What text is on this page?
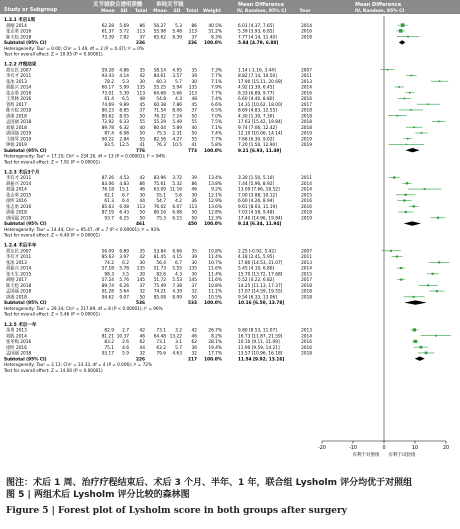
Study or Subgroup
关节镜联合透明质酸 单纯关节镜	Mean Difference	Mean Difference
Mean SD Total Mean SD Total Weight	IV, Random, 95% CI	Year	IV, Random, 95% CI
1.2.1 术后1周
胡刚 2014	62.28 5.69 86 56.27 5.3 86	40.5%	6.01 [4.37, 7.65]	2014
张志勇 2016	61.37 5.72 113 55.98 5.48 113	51.2%	5.39 [3.93, 6.85]	2016
陈天松 2018	73.39 7.82 37 65.62 8.39 37	8.3%	7.77 [4.14, 11.40]	2018
Subtotal (95% CI)	236	236 100.0%	5.84 [4.79, 6.88]
Heterogeneity: Tau² = 0.00; Chi² = 1.49, df = 2 (P = 0.47); I² = 0%
Test for overall effect: Z = 10.95 (P < 0.00001)
1.2.2 疗程结束
胡友民 2007	59.28 4.86 35 58.14 4.95 35	7.3%	1.14 [-1.16, 3.44]	2007
李有才 2011	93.43 4.14 42 84.61 3.57 39	7.7%	8.82 [7.14, 10.50]	2011
张冰 2013	78.2 5.3 30	60.3 5.7 30	7.1%	17.90 [15.11, 20.69]	2013
胡振兴 2014	60.17 5.99 135 55.25 5.94 135	7.9%	4.92 [3.39, 6.45]	2014
张志勇 2016	73.01 5.39 113 64.68 5.66 113	7.7%	8.33 [6.89, 9.77]	2016
王茂林 2016	61.4 6.5 48	54.8 4.3 48	7.4%	6.60 [4.40, 8.80]	2016
曾辉 2017	74.69 9.89 45 60.38 7.86 45	6.6%	14.31 [10.62, 18.00]	2017
陈天松 2018	80.23 8.85 37 71.54 8.06 37	6.5%	8.69 [4.83, 12.55]	2018
唐朋 2018	80.62 8.05 50 76.32 7.24 50	7.0%	4.30 [1.30, 7.30]	2018
孟国丽 2018	72.92 6.33 55 55.29 5.49 55	7.5%	17.63 [15.42, 19.84]	2018
刘斌 2018	89.78 6.32 40 80.04 5.89 40	7.1%	9.74 [7.06, 12.42]	2018
唐国强 2019	87.4 6.98 50	75.3 2.31 50	7.4%	12.10 [10.06, 14.14]	2019
王晓琴 2019	90.22 2.84 55 82.56 4.27 55	7.7%	7.66 [6.30, 9.02]	2019
钟娟 2019	83.5 12.5 41	76.3 10.5 41	5.8%	7.20 [1.50, 12.90]	2019
Subtotal (95% CI)	776	773 100.0%	9.21 [6.93, 11.49]
Heterogeneity: Tau² = 17.15; Chi² = 234.30, df = 13 (P < 0.00001); I² = 94%
Test for overall effect: Z = 7.91 (P < 0.00001)
1.2.3 术后3个月
李有才 2011	87.26 4.53 42 83.96 3.72 39	13.4%	3.30 [1.50, 5.10]	2011
胡振兴 2014	83.06 4.83 86 75.61 5.32 86	13.8%	7.44 [5.96, 8.92]	2014
刘强 2014	76.18 15.1 46 63.09 11.16 46	9.2%	13.09 [7.66, 18.52]	2014
张志勇 2015	62.1 6.7 30	55.1 5.6 30	12.1%	7.00 [3.88, 10.12]	2015
徐昕 2016	61.3 6.4 44	54.7 4.2 36	12.9%	6.60 [4.26, 8.94]	2016
张志勇 2016	85.63 6.08 113 76.02 6.07 113	13.6%	9.61 [8.03, 11.19]	2016
唐朋 2018	87.19 6.43 50 80.16 6.08 50	12.8%	7.03 [4.58, 9.48]	2018
唐国强 2019	93.7 6.25 50	75.3 6.15 50	12.3%	17.40 [14.96, 19.84]	2019
Subtotal (95% CI)	461	450 100.0%	9.14 [6.34, 11.94]
Heterogeneity: Tau² = 14.44; Chi² = 95.47, df = 7 (P < 0.00001); I² = 93%
Test for overall effect: Z = 6.40 (P < 0.00001)
1.2.4 术后半年
胡友民 2007	56.09 6.89 35 53.84 6.66 35	10.8%	2.25 [-0.92, 5.42]	2007
李有才 2011	85.63 3.97 42 81.45 4.15 39	11.4%	4.18 [2.41, 5.95]	2011
张冰 2013	74.2 6.2 30	56.4 6.7 30	10.7%	17.80 [14.53, 21.07]	2013
胡振兴 2014	57.18 5.78 135 51.73 5.55 135	11.6%	5.45 [4.10, 6.80]	2014
张天生 2015	98.3 3.5 30	82.6 4.3 30	11.4%	15.70 [13.72, 17.68]	2015
胡刚 2017	57.24 5.76 145 51.72 5.53 145	11.6%	5.52 [4.22, 6.82]	2017
陈天松 2018	89.74 6.26 37 75.49 7.38 37	10.8%	14.25 [11.13, 17.37]	2018
孟国丽 2018	91.28 5.64 32 74.21 4.39 32	11.1%	17.07 [14.59, 19.55]	2018
唐朋 2018	94.62 9.07 50 85.08 8.09 50	10.5%	9.54 [6.33, 13.06]	2018
Subtotal (95% CI)	536	533 100.0%	10.16 [6.50, 13.78]
Heterogeneity: Tau² = 29.34; Chi² = 217.89, df = 8 (P < 0.00001); I² = 96%
Test for overall effect: Z = 5.46 (P < 0.00001)
1.2.5 术后一年
余勇 2013	82.9 2.7 42	73.1 3.2 42	26.7%	9.80 [8.53, 11.07]	2013
刘践 2014	81.21 10.37 46 64.48 13.22 46	8.2%	16.73 [11.87, 21.59]	2014
张冬梅 2016	83.2 2.6 62	73.1 3.1 62	28.1%	10.10 [9.11, 11.09]	2016
徐昕 2016	75.1 4.6 44	63.2 5.7 36	19.4%	11.90 [9.59, 14.21]	2016
孟国丽 2018	93.17 5.9 32	79.6 4.63 32	17.7%	13.57 [10.96, 16.18]	2018
Subtotal (95% CI)	226	217 100.0%	11.54 [9.92, 13.16]
Heterogeneity: Tau² = 2.13; Chi² = 14.33, df = 4 (P = 0.006); I² = 72%
Test for overall effect: Z = 14.00 (P < 0.00001)
-20	-10	0	10	20
有利于对照组 有利于试验组

图注：术后 1 周、治疗疗程结束后、术后 3 个月、半年、1 年，联合组 Lysholm 评分均优于对照组

图 5 | 两组术后 Lysholm 评分比较的森林图

Figure 5 | Forest plot of Lysholm score in both groups after surgery
